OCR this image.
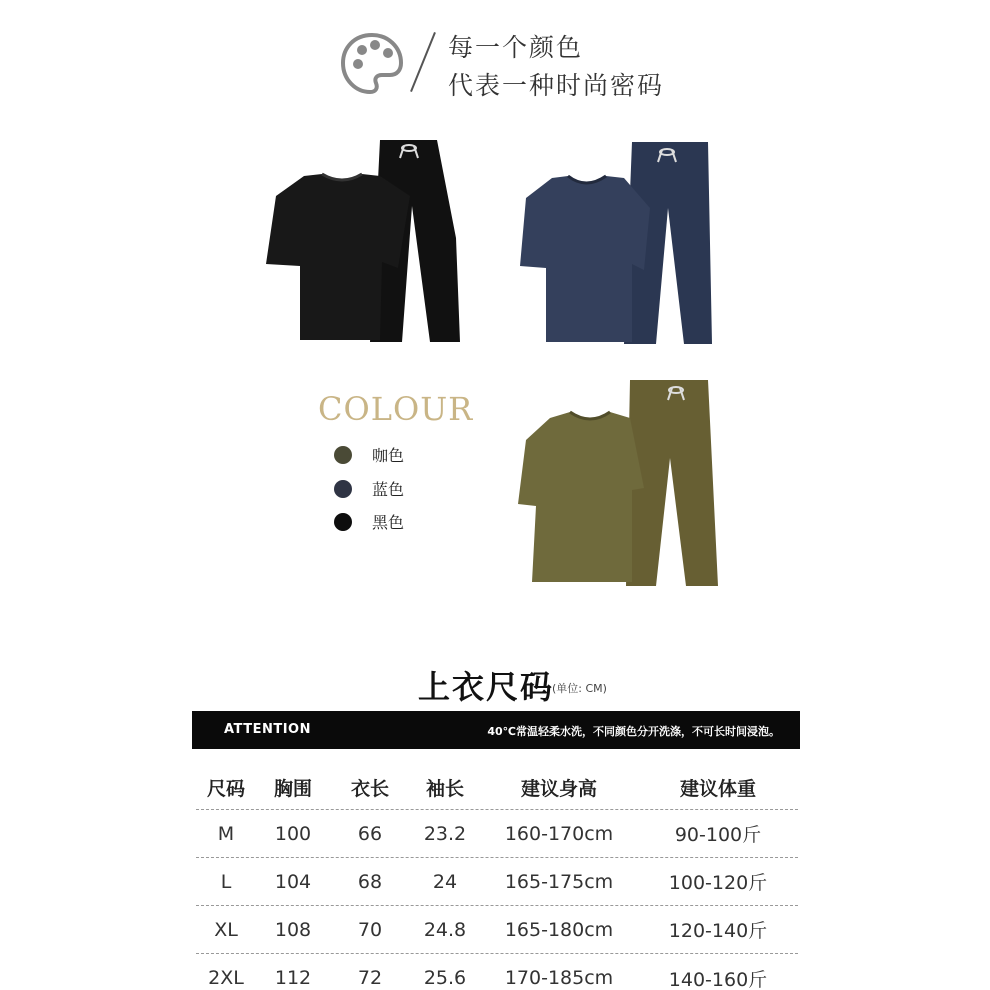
每一个颜色
代表一种时尚密码
COLOUR
咖色
蓝色
黑色
上衣尺码
(单位: CM)
ATTENTION	40℃常温轻柔水洗，不同颜色分开洗涤，不可长时间浸泡。
尺码	胸围	衣长	袖长	建议身高	建议体重
M	100	66	23.2	160-170cm	90-100斤
L	104	68	24	165-175cm	100-120斤
XL	108	70	24.8	165-180cm	120-140斤
2XL	112	72	25.6	170-185cm	140-160斤
